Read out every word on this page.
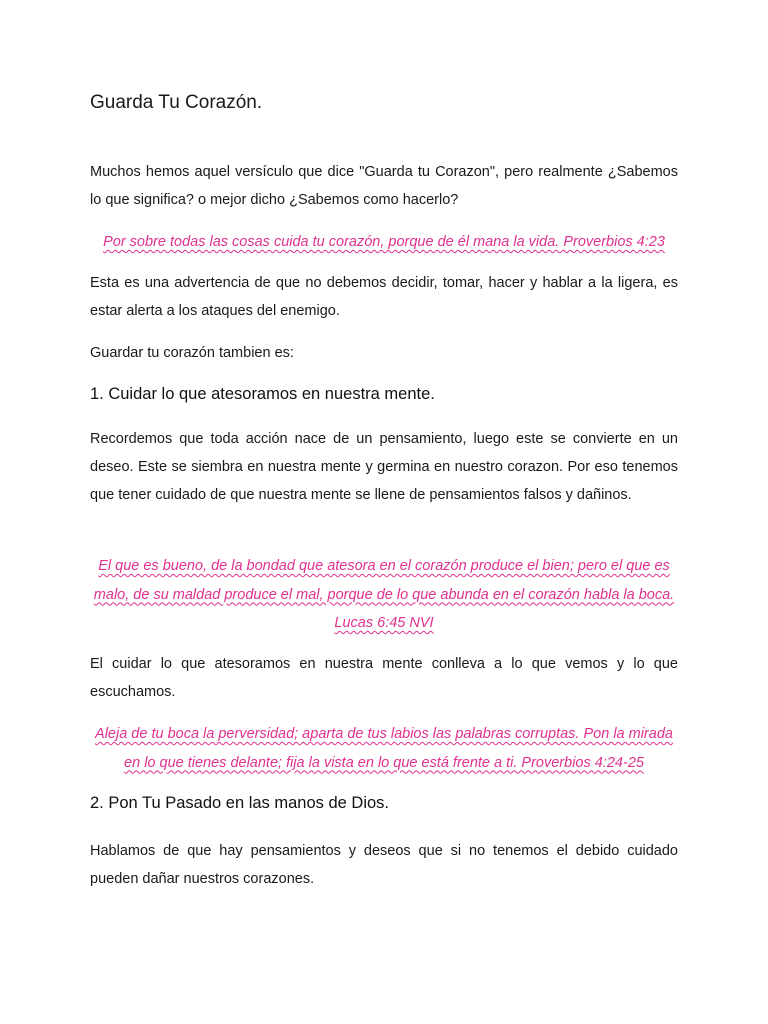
Guarda Tu Corazón.

Muchos hemos aquel versículo que dice "Guarda tu Corazon", pero realmente ¿Sabemos lo que significa? o mejor dicho ¿Sabemos como hacerlo?

Por sobre todas las cosas cuida tu corazón, porque de él mana la vida. Proverbios 4:23

Esta es una advertencia de que no debemos decidir, tomar, hacer y hablar a la ligera, es estar alerta a los ataques del enemigo.

Guardar tu corazón tambien es:

1. Cuidar lo que atesoramos en nuestra mente.

Recordemos que toda acción nace de un pensamiento, luego este se convierte en un deseo. Este se siembra en nuestra mente y germina en nuestro corazon. Por eso tenemos que tener cuidado de que nuestra mente se llene de pensamientos falsos y dañinos.

El que es bueno, de la bondad que atesora en el corazón produce el bien; pero el que es malo, de su maldad produce el mal, porque de lo que abunda en el corazón habla la boca. Lucas 6:45 NVI

El cuidar lo que atesoramos en nuestra mente conlleva a lo que vemos y lo que escuchamos.

Aleja de tu boca la perversidad; aparta de tus labios las palabras corruptas. Pon la mirada en lo que tienes delante; fija la vista en lo que está frente a ti. Proverbios 4:24-25

2. Pon Tu Pasado en las manos de Dios.

Hablamos de que hay pensamientos y deseos que si no tenemos el debido cuidado pueden dañar nuestros corazones.
